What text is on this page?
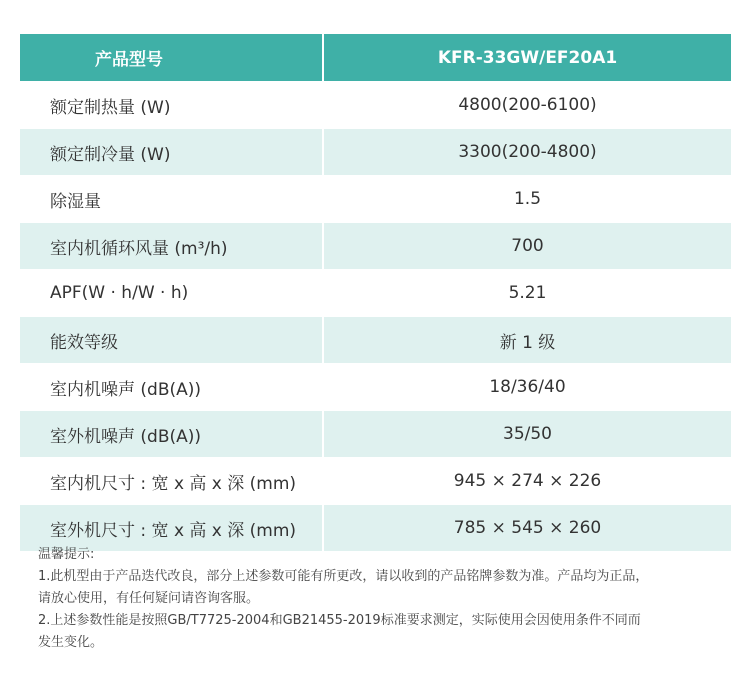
产品型号	KFR-33GW/EF20A1
额定制热量 (W)	4800(200-6100)
额定制冷量 (W)	3300(200-4800)
除湿量	1.5
室内机循环风量 (m³/h)	700
APF(W · h/W · h)	5.21
能效等级	新 1 级
室内机噪声 (dB(A))	18/36/40
室外机噪声 (dB(A))	35/50
室内机尺寸 : 宽 x 高 x 深 (mm)	945 × 274 × 226
室外机尺寸 : 宽 x 高 x 深 (mm)	785 × 545 × 260

温馨提示:

1.此机型由于产品迭代改良，部分上述参数可能有所更改，请以收到的产品铭牌参数为准。产品均为正品，

请放心使用，有任何疑问请咨询客服。

2.上述参数性能是按照GB/T7725-2004和GB21455-2019标准要求测定，实际使用会因使用条件不同而

发生变化。
